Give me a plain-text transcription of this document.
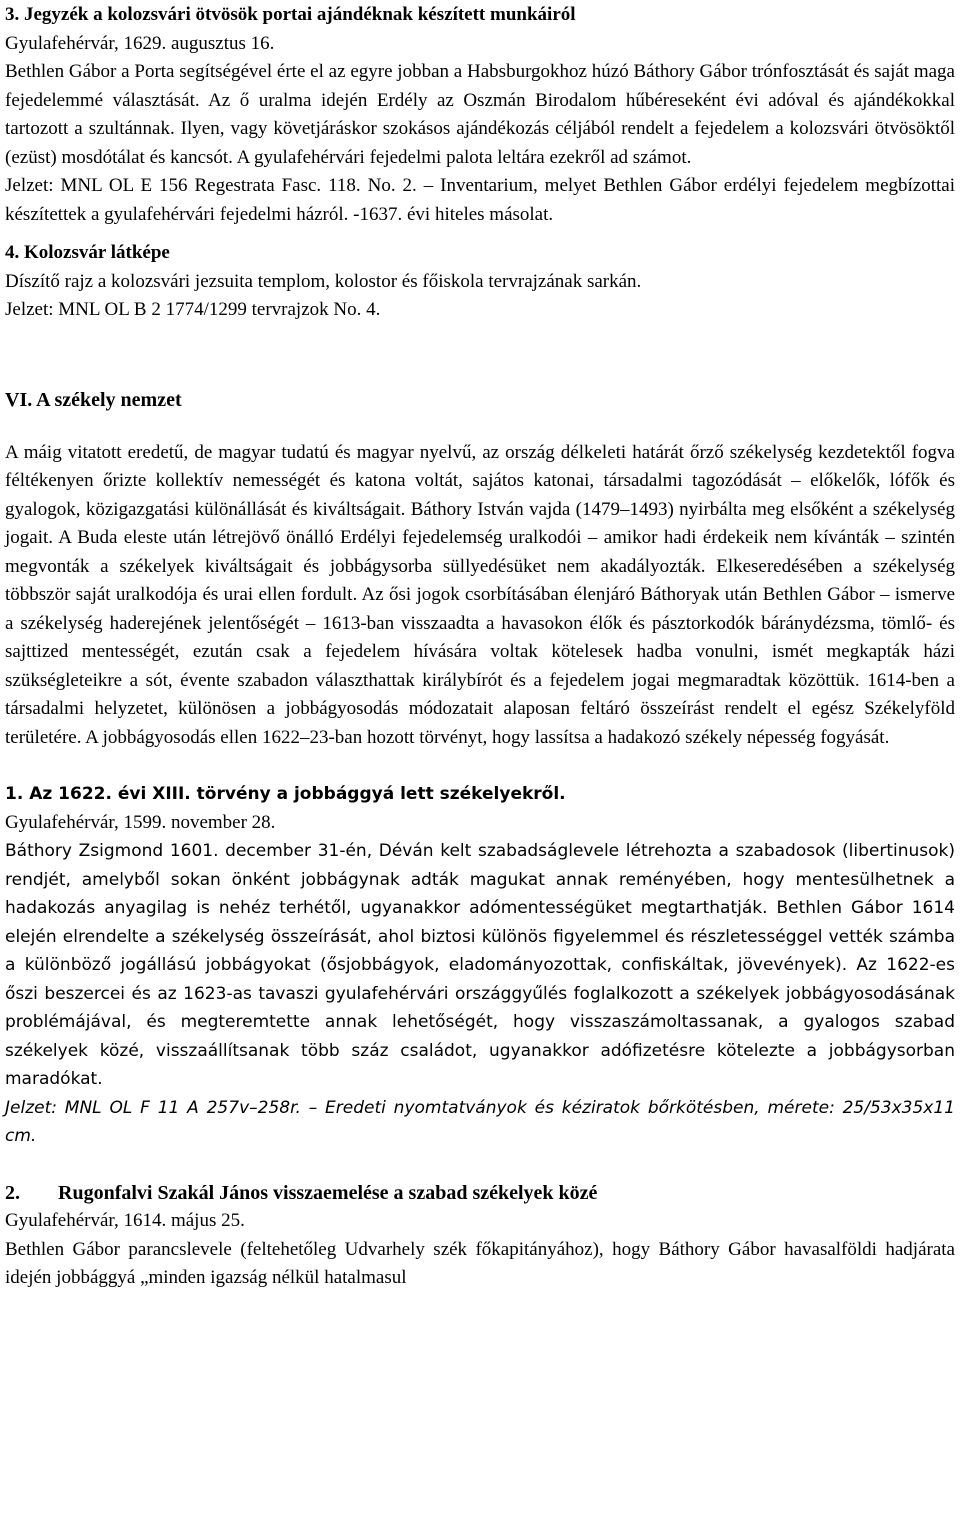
3. Jegyzék a kolozsvári ötvösök portai ajándéknak készített munkáiról

Gyulafehérvár, 1629. augusztus 16.

Bethlen Gábor a Porta segítségével érte el az egyre jobban a Habsburgokhoz húzó Báthory Gábor trónfosztását és saját maga fejedelemmé választását. Az ő uralma idején Erdély az Oszmán Birodalom hűbéreseként évi adóval és ajándékokkal tartozott a szultánnak. Ilyen, vagy követjáráskor szokásos ajándékozás céljából rendelt a fejedelem a kolozsvári ötvösöktől (ezüst) mosdótálat és kancsót. A gyulafehérvári fejedelmi palota leltára ezekről ad számot.

Jelzet: MNL OL E 156 Regestrata Fasc. 118. No. 2. – Inventarium, melyet Bethlen Gábor erdélyi fejedelem megbízottai készítettek a gyulafehérvári fejedelmi házról. -1637. évi hiteles másolat.

4. Kolozsvár látképe

Díszítő rajz a kolozsvári jezsuita templom, kolostor és főiskola tervrajzának sarkán.

Jelzet: MNL OL B 2 1774/1299 tervrajzok No. 4.

VI. A székely nemzet

A máig vitatott eredetű, de magyar tudatú és magyar nyelvű, az ország délkeleti határát őrző székelység kezdetektől fogva féltékenyen őrizte kollektív nemességét és katona voltát, sajátos katonai, társadalmi tagozódását – előkelők, lófők és gyalogok, közigazgatási különállását és kiváltságait. Báthory István vajda (1479–1493) nyirbálta meg elsőként a székelység jogait. A Buda eleste után létrejövő önálló Erdélyi fejedelemség uralkodói – amikor hadi érdekeik nem kívánták – szintén megvonták a székelyek kiváltságait és jobbágysorba süllyedésüket nem akadályozták. Elkeseredésében a székelység többször saját uralkodója és urai ellen fordult. Az ősi jogok csorbításában élenjáró Báthoryak után Bethlen Gábor – ismerve a székelység haderejének jelentőségét – 1613-ban visszaadta a havasokon élők és pásztorkodók báránydézsma, tömlő- és sajttized mentességét, ezután csak a fejedelem hívására voltak kötelesek hadba vonulni, ismét megkapták házi szükségleteikre a sót, évente szabadon választhattak királybírót és a fejedelem jogai megmaradtak közöttük. 1614-ben a társadalmi helyzetet, különösen a jobbágyosodás módozatait alaposan feltáró összeírást rendelt el egész Székelyföld területére. A jobbágyosodás ellen 1622–23-ban hozott törvényt, hogy lassítsa a hadakozó székely népesség fogyását.

1. Az 1622. évi XIII. törvény a jobbággyá lett székelyekről.

Gyulafehérvár, 1599. november 28.

Báthory Zsigmond 1601. december 31-én, Déván kelt szabadságlevele létrehozta a szabadosok (libertinusok) rendjét, amelyből sokan önként jobbágynak adták magukat annak reményében, hogy mentesülhetnek a hadakozás anyagilag is nehéz terhétől, ugyanakkor adómentességüket megtarthatják. Bethlen Gábor 1614 elején elrendelte a székelység összeírását, ahol biztosi különös figyelemmel és részletességgel vették számba a különböző jogállású jobbágyokat (ősjobbágyok, eladományozottak, confiskáltak, jövevények). Az 1622-es őszi beszercei és az 1623-as tavaszi gyulafehérvári országgyűlés foglalkozott a székelyek jobbágyosodásának problémájával, és megteremtette annak lehetőségét, hogy visszaszámoltassanak, a gyalogos szabad székelyek közé, visszaállítsanak több száz családot, ugyanakkor adófizetésre kötelezte a jobbágysorban maradókat.

Jelzet: MNL OL F 11 A 257v–258r. – Eredeti nyomtatványok és kéziratok bőrkötésben, mérete: 25/53x35x11 cm.

2. Rugonfalvi Szakál János visszaemelése a szabad székelyek közé

Gyulafehérvár, 1614. május 25.

Bethlen Gábor parancslevele (feltehetőleg Udvarhely szék főkapitányához), hogy Báthory Gábor havasalföldi hadjárata idején jobbággyá „minden igazság nélkül hatalmasul
